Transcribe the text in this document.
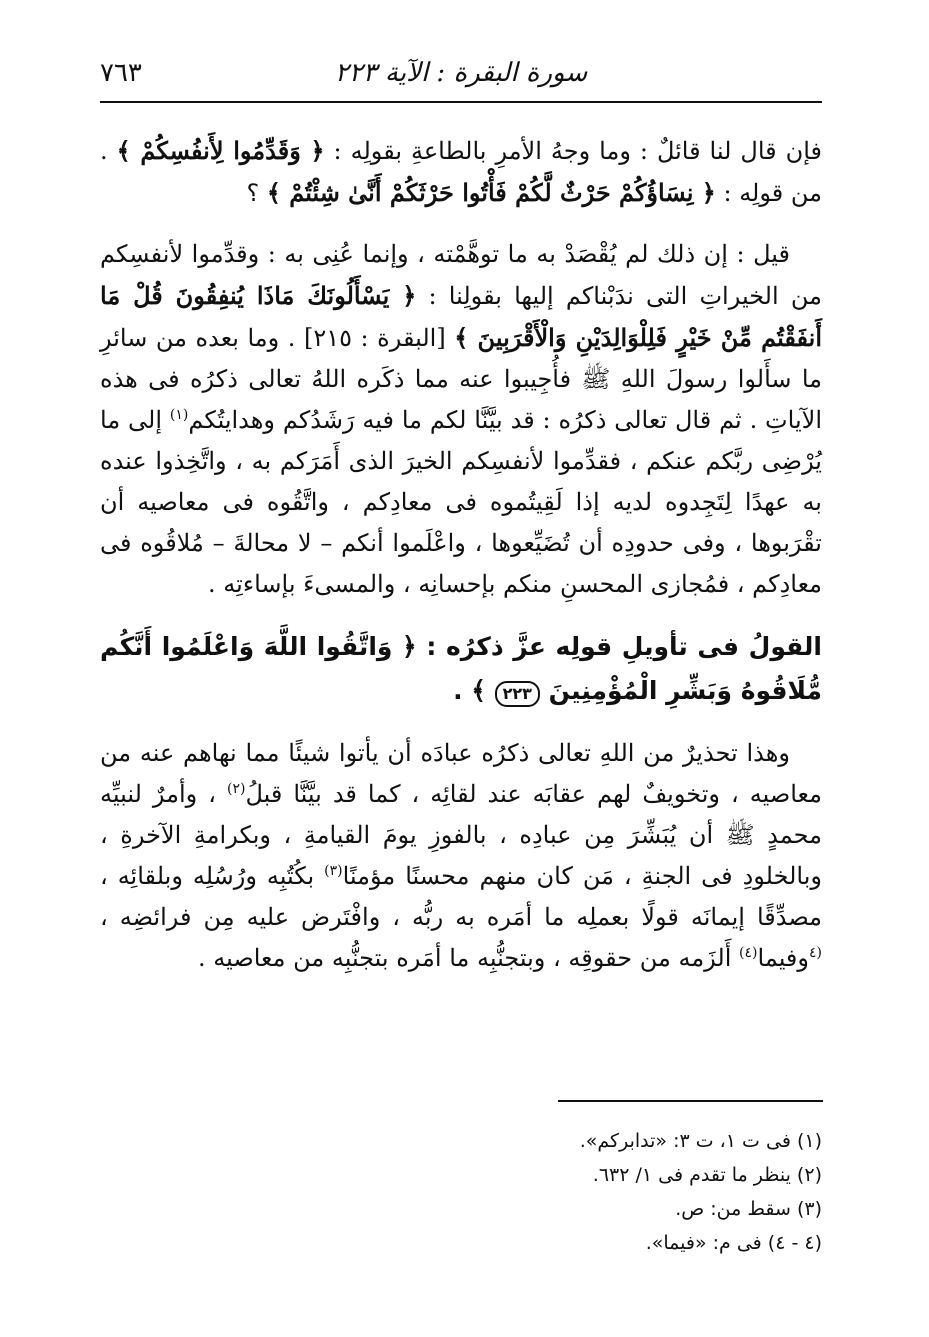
٧٦٣	سورة البقرة : الآية ٢٢٣

فإن قال لنا قائلٌ : وما وجهُ الأمرِ بالطاعةِ بقولِه : ﴿ وَقَدِّمُوا لِأَنفُسِكُمْ ﴾ . من قولِه : ﴿ نِسَاؤُكُمْ حَرْثٌ لَّكُمْ فَأْتُوا حَرْثَكُمْ أَنَّىٰ شِئْتُمْ ﴾ ؟

قيل : إن ذلك لم يُقْصَدْ به ما توهَّمْته ، وإنما عُنِى به : وقدِّموا لأنفسِكم من الخيراتِ التى ندَبْناكم إليها بقولِنا : ﴿ يَسْأَلُونَكَ مَاذَا يُنفِقُونَ قُلْ مَا أَنفَقْتُم مِّنْ خَيْرٍ فَلِلْوَالِدَيْنِ وَالْأَقْرَبِينَ ﴾ [البقرة : ٢١٥] . وما بعده من سائرِ ما سأَلوا رسولَ اللهِ ﷺ فأُجِيبوا عنه مما ذكَره اللهُ تعالى ذكرُه فى هذه الآياتِ . ثم قال تعالى ذكرُه : قد بيَّنَّا لكم ما فيه رَشَدُكم وهدايتُكم$^{(١)}$ إلى ما يُرْضِى ربَّكم عنكم ، فقدِّموا لأنفسِكم الخيرَ الذى أَمَرَكم به ، واتَّخِذوا عنده به عهدًا لِتَجِدوه لديه إذا لَقِيتُموه فى معادِكم ، واتَّقُوه فى معاصيه أن تقْرَبوها ، وفى حدودِه أن تُضَيِّعوها ، واعْلَموا أنكم – لا محالةَ – مُلاقُوه فى معادِكم ، فمُجازى المحسنِ منكم بإحسانِه ، والمسىءَ بإساءتِه .

القولُ فى تأويلِ قولِه عزَّ ذكرُه : ﴿ وَاتَّقُوا اللَّهَ وَاعْلَمُوا أَنَّكُم مُّلَاقُوهُ وَبَشِّرِ الْمُؤْمِنِينَ ٢٢٣ ﴾ .

وهذا تحذيرٌ من اللهِ تعالى ذكرُه عبادَه أن يأتوا شيئًا مما نهاهم عنه من معاصيه ، وتخويفٌ لهم عقابَه عند لقائِه ، كما قد بيَّنَّا قبلُ$^{(٢)}$ ، وأمرٌ لنبيِّه محمدٍ ﷺ أن يُبَشِّرَ مِن عبادِه ، بالفوزِ يومَ القيامةِ ، وبكرامةِ الآخرةِ ، وبالخلودِ فى الجنةِ ، مَن كان منهم محسنًا مؤمنًا$^{(٣)}$ بكُتُبِه ورُسُلِه وبلقائِه ، مصدِّقًا إيمانَه قولًا بعملِه ما أمَره به ربُّه ، وافْتَرض عليه مِن فرائضِه ، $^{(٤}$وفيما$^{(٤)}$ أَلزَمه من حقوقِه ، وبتجنُّبِه ما أمَره بتجنُّبِه من معاصيه .

(١) فى ت ١، ت ٣: «تدابركم».

(٢) ينظر ما تقدم فى ١/ ٦٣٢.

(٣) سقط من: ص.

(٤ - ٤) فى م: «فيما».
